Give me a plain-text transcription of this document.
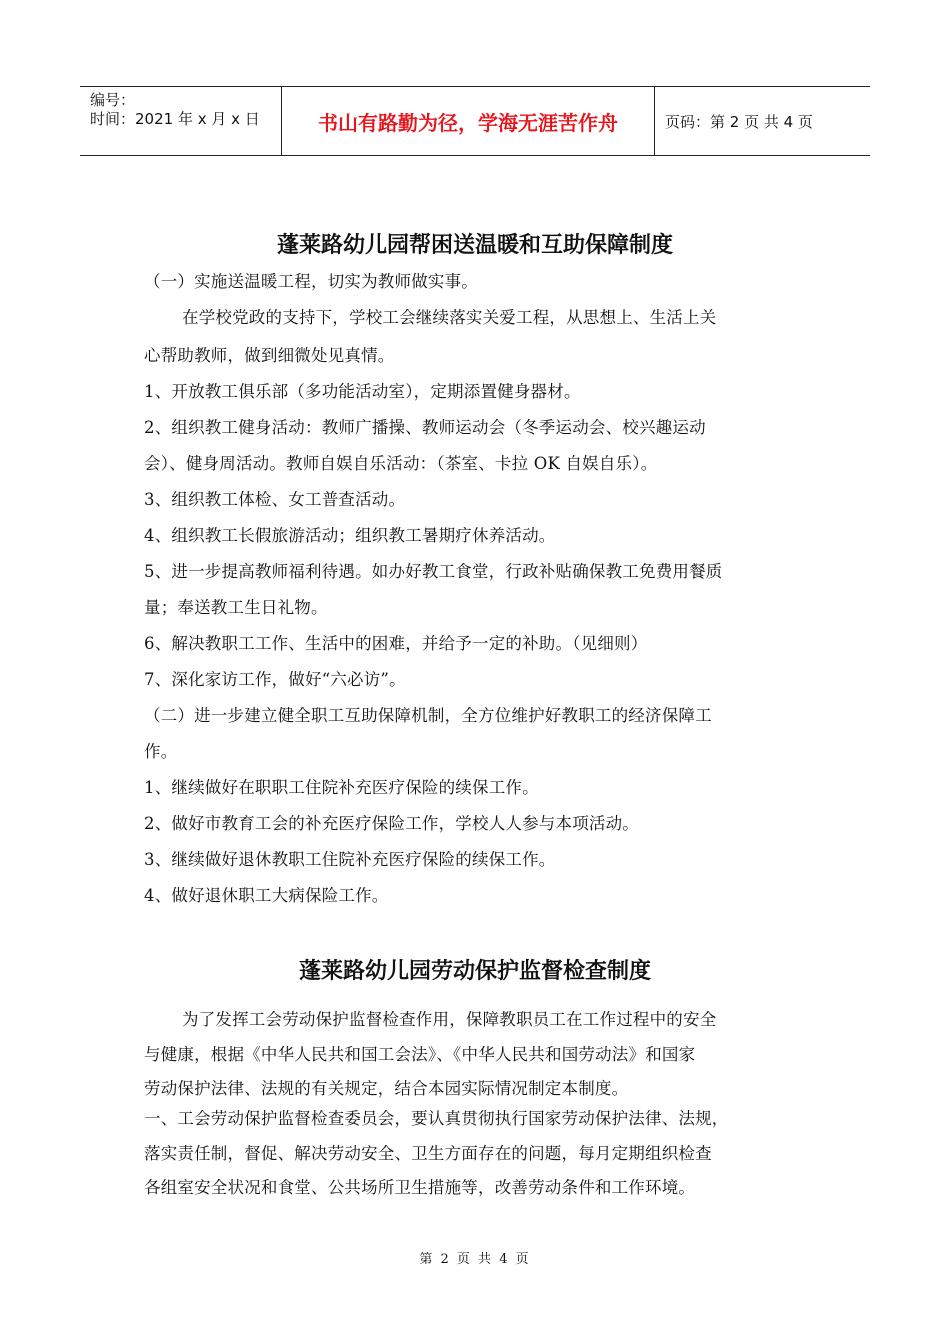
编号：
时间：2021 年 x 月 x 日	书山有路勤为径，学海无涯苦作舟	页码：第 2 页 共 4 页
蓬莱路幼儿园帮困送温暖和互助保障制度
（一）实施送温暖工程，切实为教师做实事。
在学校党政的支持下，学校工会继续落实关爱工程，从思想上、生活上关
心帮助教师，做到细微处见真情。
1、开放教工俱乐部（多功能活动室），定期添置健身器材。
2、组织教工健身活动：教师广播操、教师运动会（冬季运动会、校兴趣运动
会）、健身周活动。教师自娱自乐活动：（茶室、卡拉 OK 自娱自乐）。
3、组织教工体检、女工普查活动。
4、组织教工长假旅游活动；组织教工暑期疗休养活动。
5、进一步提高教师福利待遇。如办好教工食堂，行政补贴确保教工免费用餐质
量；奉送教工生日礼物。
6、解决教职工工作、生活中的困难，并给予一定的补助。（见细则）
7、深化家访工作，做好“六必访”。
（二）进一步建立健全职工互助保障机制，全方位维护好教职工的经济保障工
作。
1、继续做好在职职工住院补充医疗保险的续保工作。
2、做好市教育工会的补充医疗保险工作，学校人人参与本项活动。
3、继续做好退休教职工住院补充医疗保险的续保工作。
4、做好退休职工大病保险工作。
蓬莱路幼儿园劳动保护监督检查制度
为了发挥工会劳动保护监督检查作用，保障教职员工在工作过程中的安全
与健康，根据《中华人民共和国工会法》、《中华人民共和国劳动法》和国家
劳动保护法律、法规的有关规定，结合本园实际情况制定本制度。
一、工会劳动保护监督检查委员会，要认真贯彻执行国家劳动保护法律、法规，
落实责任制，督促、解决劳动安全、卫生方面存在的问题，每月定期组织检查
各组室安全状况和食堂、公共场所卫生措施等，改善劳动条件和工作环境。
第 2 页 共 4 页
